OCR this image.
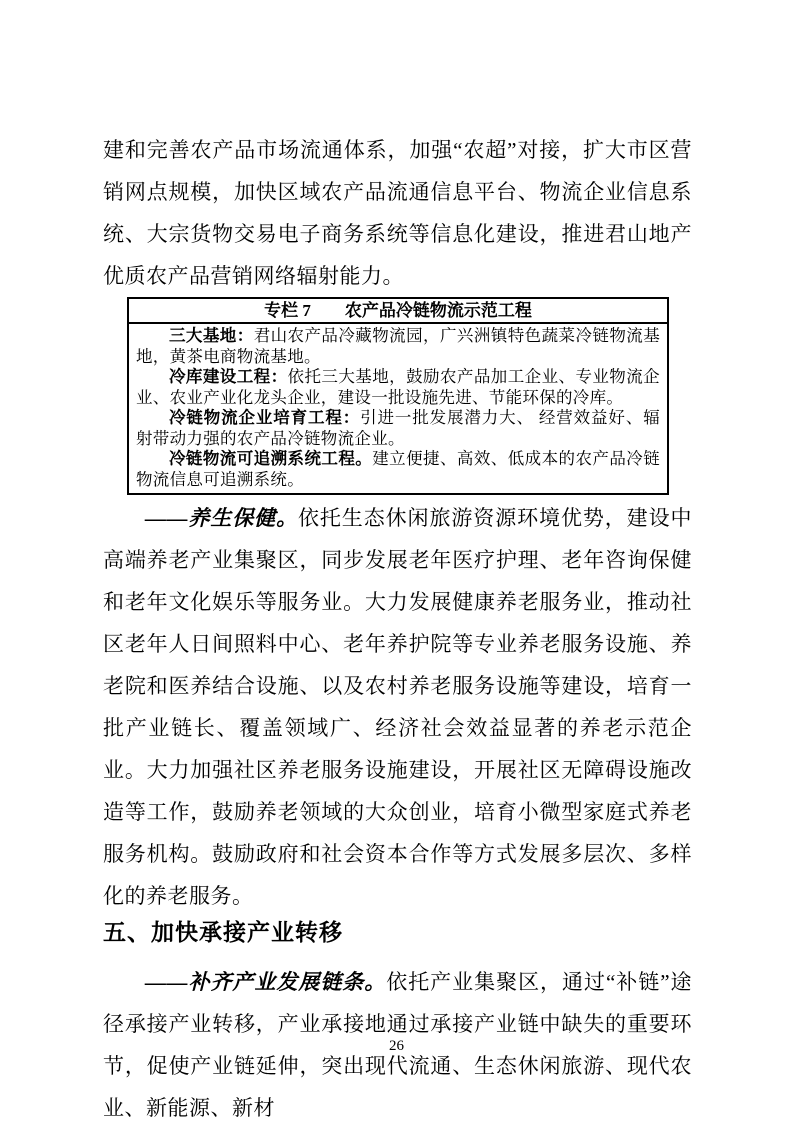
建和完善农产品市场流通体系，加强“农超”对接，扩大市区营销网点规模，加快区域农产品流通信息平台、物流企业信息系统、大宗货物交易电子商务系统等信息化建设，推进君山地产优质农产品营销网络辐射能力。

专栏 7　　农产品冷链物流示范工程

三大基地：君山农产品冷藏物流园，广兴洲镇特色蔬菜冷链物流基地，黄茶电商物流基地。

冷库建设工程：依托三大基地，鼓励农产品加工企业、专业物流企业、农业产业化龙头企业，建设一批设施先进、节能环保的冷库。

冷链物流企业培育工程：引进一批发展潜力大、 经营效益好、辐射带动力强的农产品冷链物流企业。

冷链物流可追溯系统工程。建立便捷、高效、低成本的农产品冷链物流信息可追溯系统。

——养生保健。依托生态休闲旅游资源环境优势，建设中高端养老产业集聚区，同步发展老年医疗护理、老年咨询保健和老年文化娱乐等服务业。大力发展健康养老服务业，推动社区老年人日间照料中心、老年养护院等专业养老服务设施、养老院和医养结合设施、以及农村养老服务设施等建设，培育一批产业链长、覆盖领域广、经济社会效益显著的养老示范企业。大力加强社区养老服务设施建设，开展社区无障碍设施改造等工作，鼓励养老领域的大众创业，培育小微型家庭式养老服务机构。鼓励政府和社会资本合作等方式发展多层次、多样化的养老服务。

五、加快承接产业转移

——补齐产业发展链条。依托产业集聚区，通过“补链”途径承接产业转移，产业承接地通过承接产业链中缺失的重要环节，促使产业链延伸，突出现代流通、生态休闲旅游、现代农业、新能源、新材

26
